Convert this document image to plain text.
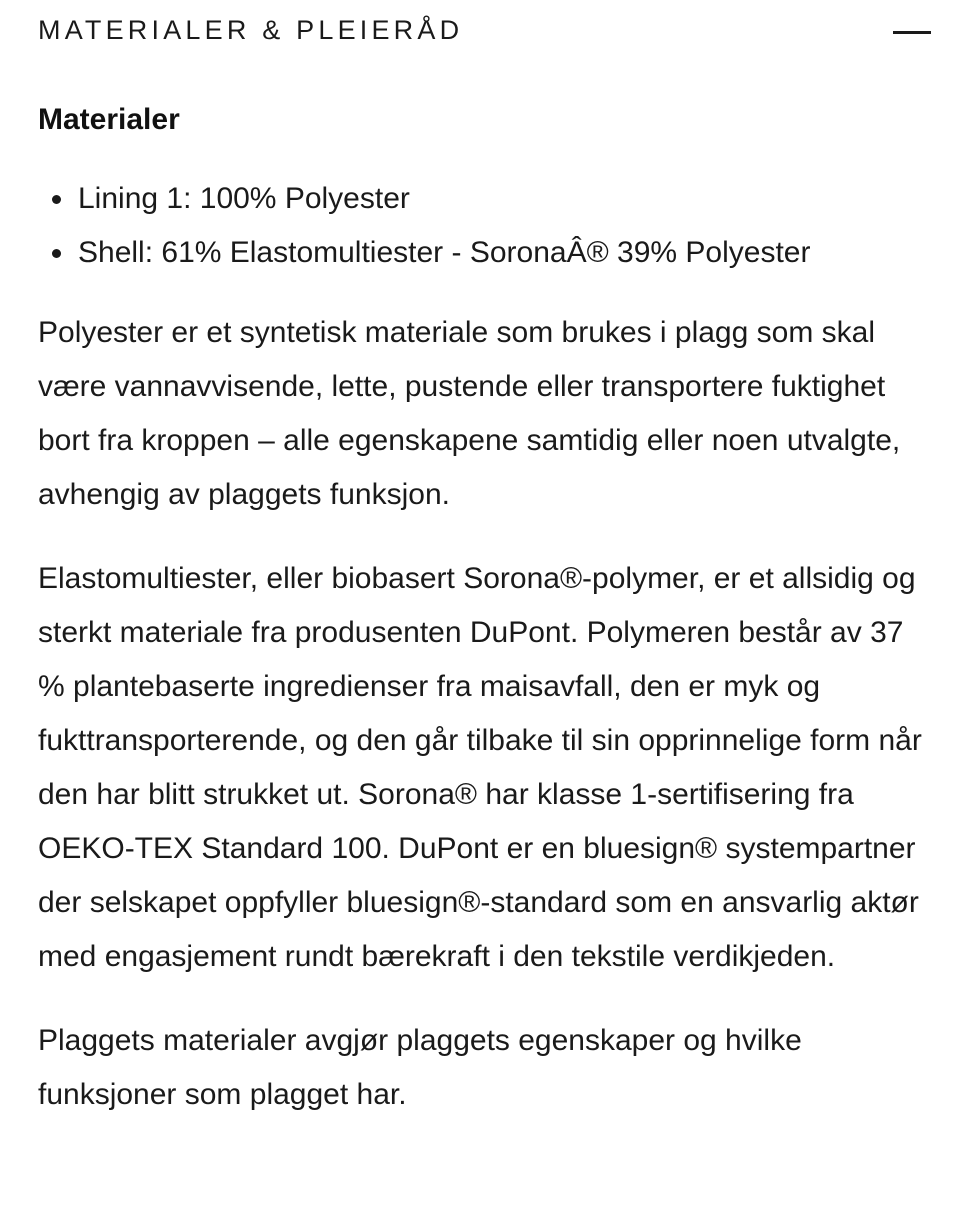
MATERIALER & PLEIERÅD
Materialer
• Lining 1: 100% Polyester
• Shell: 61% Elastomultiester - SoronaÂ® 39% Polyester

Polyester er et syntetisk materiale som brukes i plagg som skal være vannavvisende, lette, pustende eller transportere fuktighet bort fra kroppen – alle egenskapene samtidig eller noen utvalgte, avhengig av plaggets funksjon.

Elastomultiester, eller biobasert Sorona®-polymer, er et allsidig og sterkt materiale fra produsenten DuPont. Polymeren består av 37 % plantebaserte ingredienser fra maisavfall, den er myk og fukttransporterende, og den går tilbake til sin opprinnelige form når den har blitt strukket ut. Sorona® har klasse 1-sertifisering fra OEKO-TEX Standard 100. DuPont er en bluesign® systempartner der selskapet oppfyller bluesign®-standard som en ansvarlig aktør med engasjement rundt bærekraft i den tekstile verdikjeden.

Plaggets materialer avgjør plaggets egenskaper og hvilke funksjoner som plagget har.
